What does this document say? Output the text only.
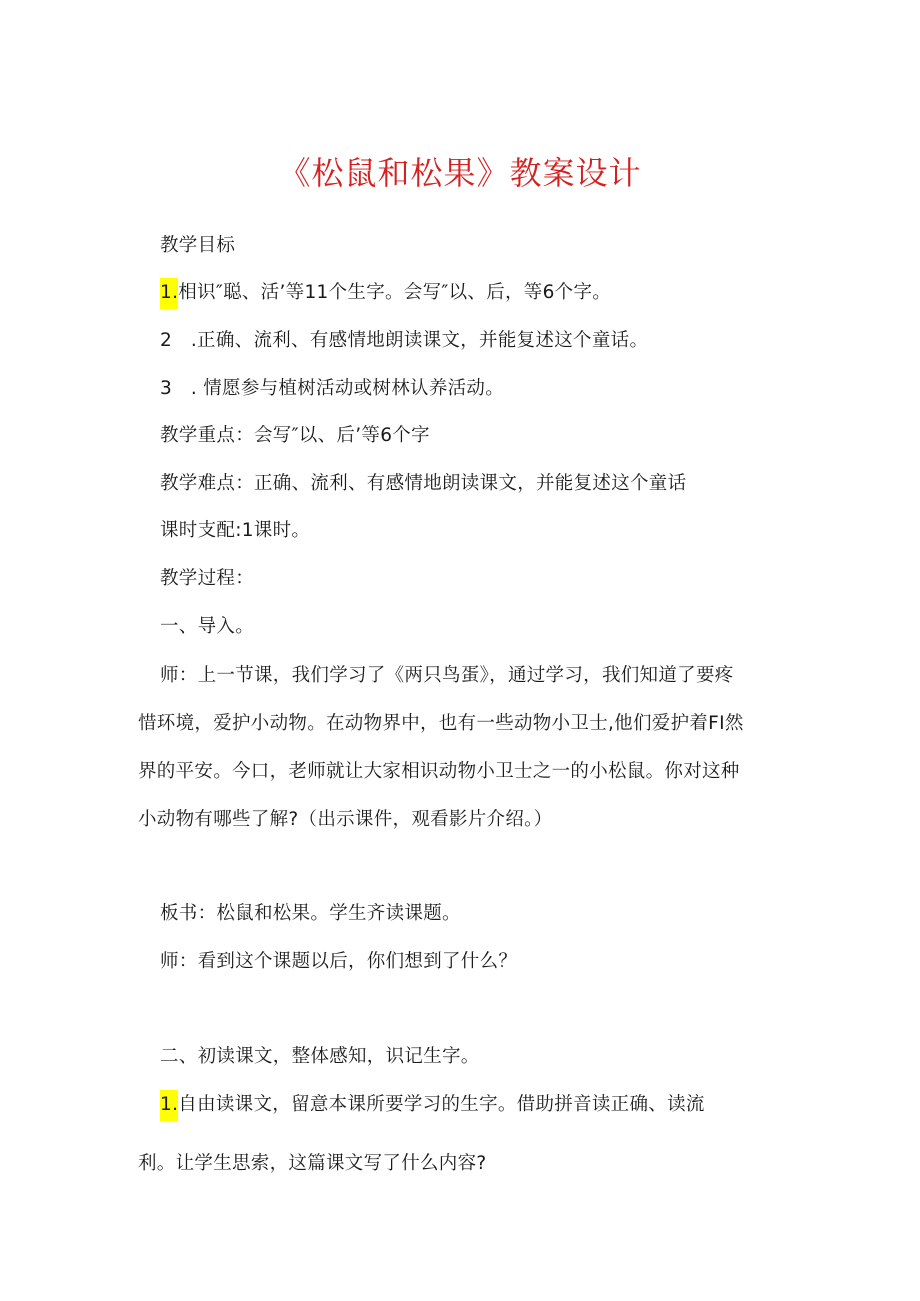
《松鼠和松果》教案设计
教学目标
1.相识″聪、活’等11个生字。会写″以、后，等6个字。
2　.正确、流利、有感情地朗读课文，并能复述这个童话。
3　. 情愿参与植树活动或树林认养活动。
教学重点：会写″以、后’等6个字
教学难点：正确、流利、有感情地朗读课文，并能复述这个童话
课时支配:1课时。
教学过程：
一、导入。
师：上一节课，我们学习了《两只鸟蛋》，通过学习，我们知道了要疼
惜环境，爱护小动物。在动物界中，也有一些动物小卫士,他们爱护着FI然
界的平安。今口，老师就让大家相识动物小卫士之一的小松鼠。你对这种
小动物有哪些了解?（出示课件，观看影片介绍。）
板书：松鼠和松果。学生齐读课题。
师：看到这个课题以后，你们想到了什么？
二、初读课文，整体感知，识记生字。
1.自由读课文，留意本课所要学习的生字。借助拼音读正确、读流
利。让学生思索，这篇课文写了什么内容?
